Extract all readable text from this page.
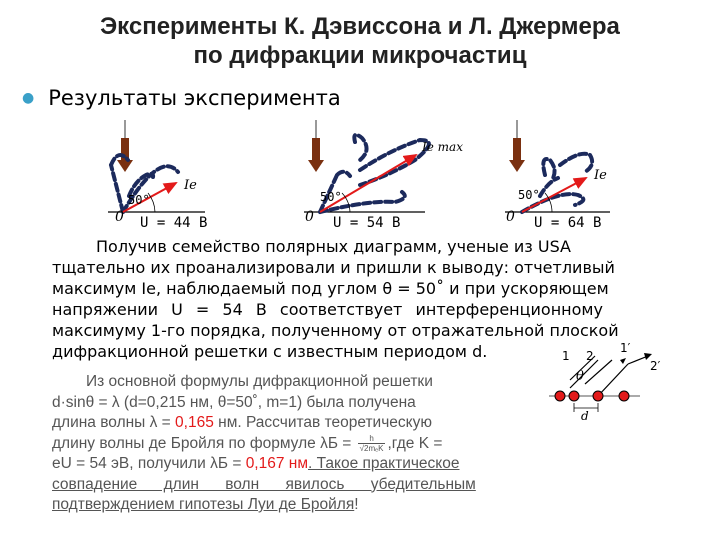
Эксперименты К. Дэвиссона и Л. Джермера
по дифракции микрочастиц
● Результаты эксперимента
0
50°
Ie
U = 44 В	0
50°
Ie max
U = 54 В	0
50°
Ie
U = 64 В
1 2
1′
2′
θ
d
Получив семейство полярных диаграмм, ученые из USA
тщательно их проанализировали и пришли к выводу: отчетливый
максимум Iе, наблюдаемый под углом θ = 50˚ и при ускоряющем
напряжении U = 54 В соответствует интерференционному
максимуму 1-го порядка, полученному от отражательной плоской
дифракционной решетки с известным периодом d.
Из основной формулы дифракционной решетки
d·sinθ = λ (d=0,215 нм, θ=50˚, m=1) была получена
длина волны λ = 0,165 нм. Рассчитав теоретическую
длину волны де Бройля по формуле $\lambda Б = \frac{h}{\text{√2mₑK}} ,где$ K =
eU = 54 эВ, получили λБ = 0,167 нм. Такое практическое
совпадение длин волн явилось убедительным
подтверждением гипотезы Луи де Бройля!
